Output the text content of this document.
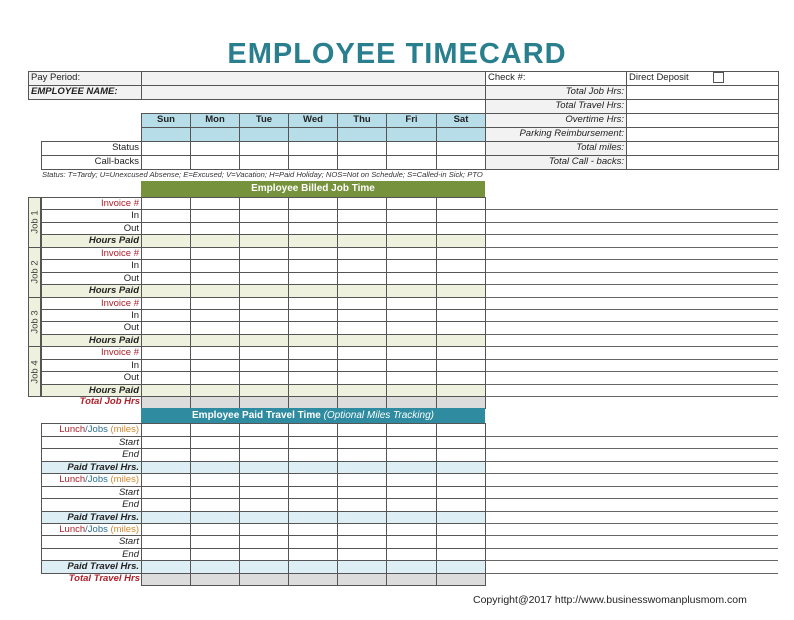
EMPLOYEE TIMECARD
Pay Period:
EMPLOYEE NAME:
Check #:	Direct Deposit
Total Job Hrs:
Total Travel Hrs:
Overtime Hrs:
Parking Reimbursement:
Total miles:
Total Call - backs:
Sun	Mon	Tue	Wed	Thu	Fri	Sat
Status
Call-backs
Employee Billed Job Time
Job 1
Invoice #
In
Out
Hours Paid
Job 2
Invoice #
In
Out
Hours Paid
Job 3
Invoice #
In
Out
Hours Paid
Job 4
Invoice #
In
Out
Hours Paid
Total Job Hrs
Employee Paid Travel Time (Optional Miles Tracking)
Lunch/Jobs (miles)
Start
End
Paid Travel Hrs.
Lunch/Jobs (miles)
Start
End
Paid Travel Hrs.
Lunch/Jobs (miles)
Start
End
Paid Travel Hrs.
Total Travel Hrs
Status: T=Tardy; U=Unexcused Absense; E=Excused; V=Vacation; H=Paid Holiday; NOS=Not on Schedule; S=Called-in Sick; PTO
Copyright@2017 http://www.businesswomanplusmom.com
